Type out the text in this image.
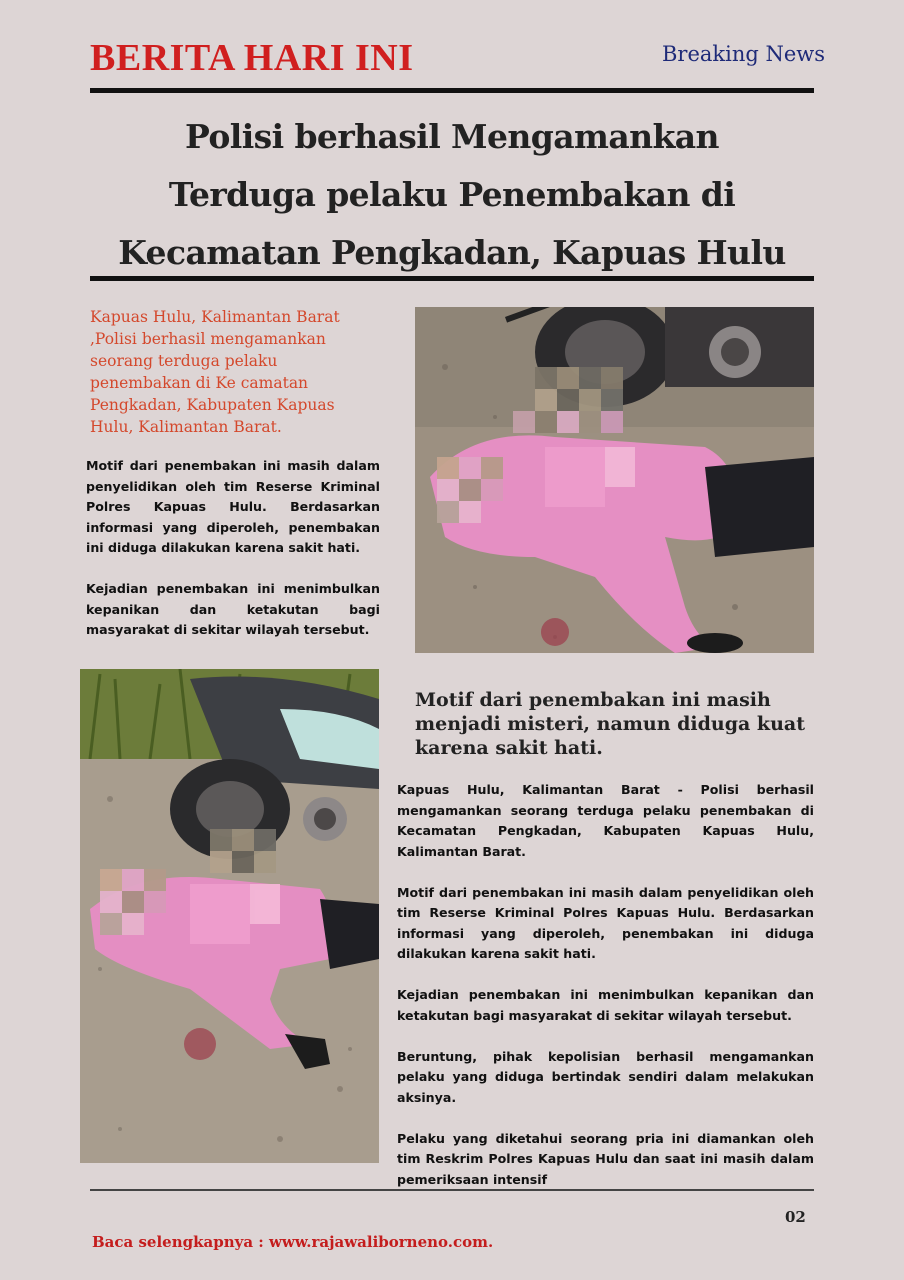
BERITA HARI INI	Breaking News
Polisi berhasil Mengamankan Terduga pelaku Penembakan di Kecamatan Pengkadan, Kapuas Hulu
Kapuas Hulu, Kalimantan Barat ,Polisi berhasil mengamankan seorang terduga pelaku penembakan di Ke camatan Pengkadan, Kabupaten Kapuas Hulu, Kalimantan Barat.

Motif dari penembakan ini masih dalam penyelidikan oleh tim Reserse Kriminal Polres Kapuas Hulu. Berdasarkan informasi yang diperoleh, penembakan ini diduga dilakukan karena sakit hati.

Kejadian penembakan ini menimbulkan kepanikan dan ketakutan bagi masyarakat di sekitar wilayah tersebut.

Motif dari penembakan ini masih menjadi misteri, namun diduga kuat karena sakit hati.

Kapuas Hulu, Kalimantan Barat - Polisi berhasil mengamankan seorang terduga pelaku penembakan di Kecamatan Pengkadan, Kabupaten Kapuas Hulu, Kalimantan Barat.

Motif dari penembakan ini masih dalam penyelidikan oleh tim Reserse Kriminal Polres Kapuas Hulu. Berdasarkan informasi yang diperoleh, penembakan ini diduga dilakukan karena sakit hati.

Kejadian penembakan ini menimbulkan kepanikan dan ketakutan bagi masyarakat di sekitar wilayah tersebut.

Beruntung, pihak kepolisian berhasil mengamankan pelaku yang diduga bertindak sendiri dalam melakukan aksinya.

Pelaku yang diketahui seorang pria ini diamankan oleh tim Reskrim Polres Kapuas Hulu dan saat ini masih dalam pemeriksaan intensif

02
Baca selengkapnya : www.rajawaliborneno.com.
